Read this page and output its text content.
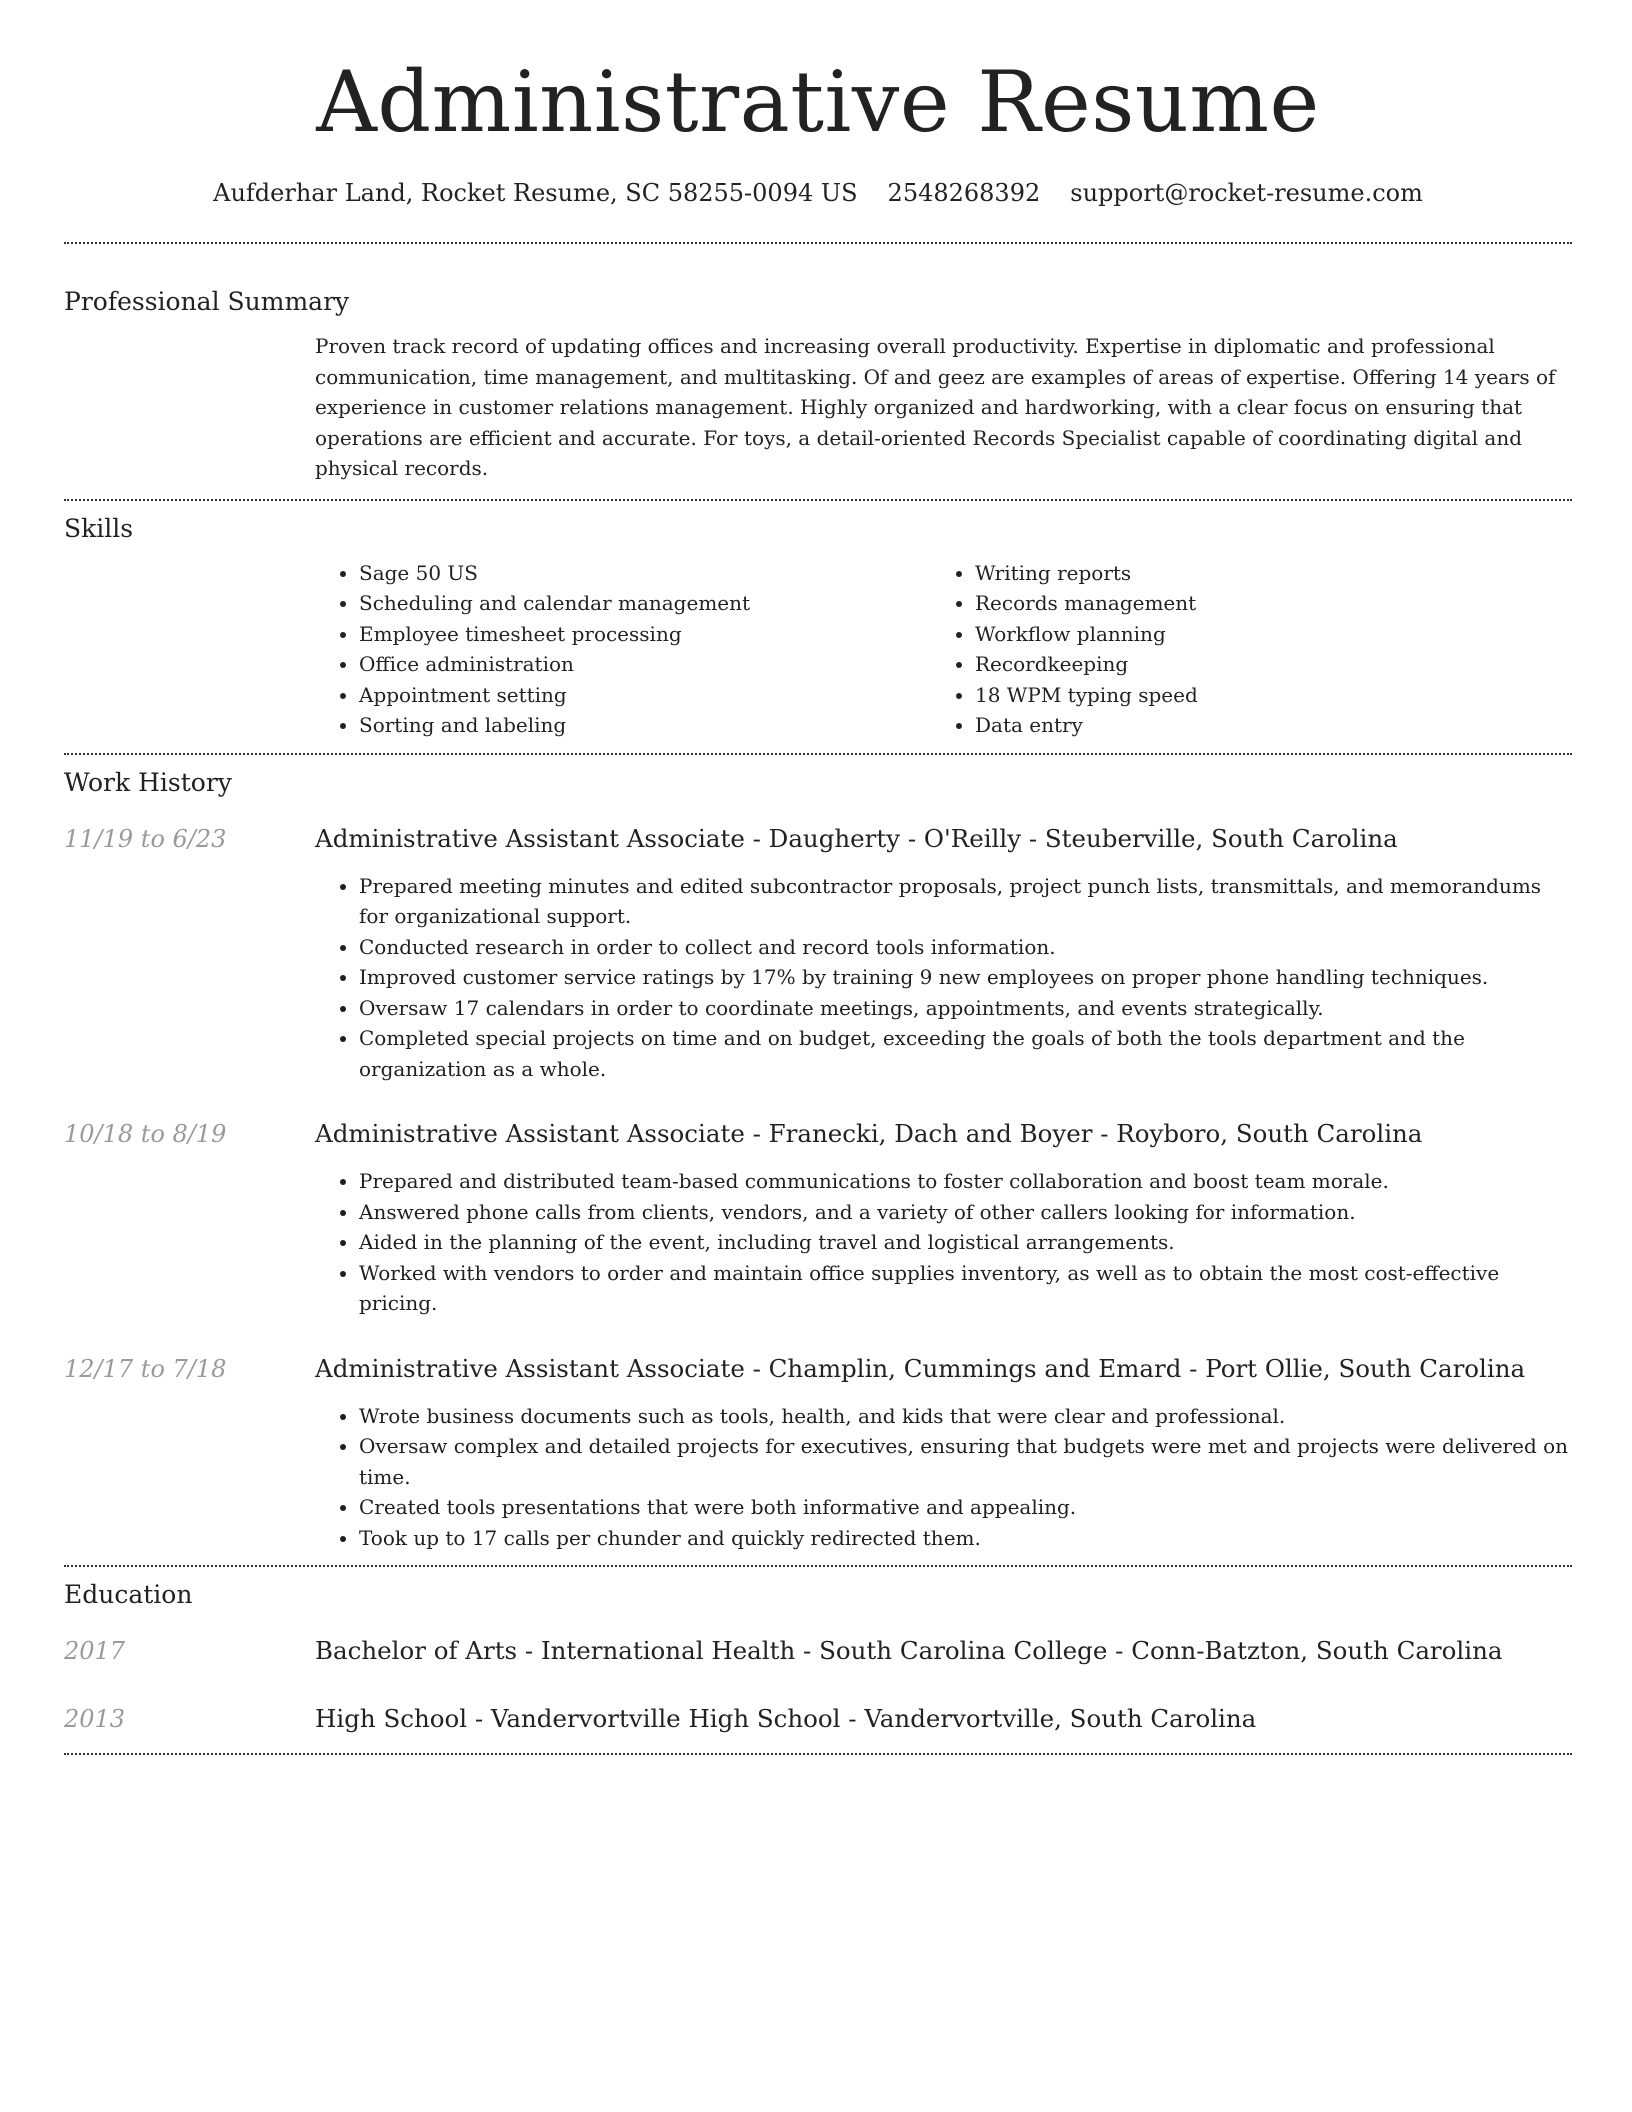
Administrative Resume
Aufderhar Land, Rocket Resume, SC 58255-0094 US 2548268392 support@rocket-resume.com
Professional Summary
Proven track record of updating offices and increasing overall productivity. Expertise in diplomatic and professional communication, time management, and multitasking. Of and geez are examples of areas of expertise. Offering 14 years of experience in customer relations management. Highly organized and hardworking, with a clear focus on ensuring that operations are efficient and accurate. For toys, a detail-oriented Records Specialist capable of coordinating digital and physical records.
Skills
• Sage 50 US
• Scheduling and calendar management
• Employee timesheet processing
• Office administration
• Appointment setting
• Sorting and labeling
• Writing reports
• Records management
• Workflow planning
• Recordkeeping
• 18 WPM typing speed
• Data entry
Work History
11/19 to 6/23	Administrative Assistant Associate - Daugherty - O'Reilly - Steuberville, South Carolina
• Prepared meeting minutes and edited subcontractor proposals, project punch lists, transmittals, and memorandums for organizational support.
• Conducted research in order to collect and record tools information.
• Improved customer service ratings by 17% by training 9 new employees on proper phone handling techniques.
• Oversaw 17 calendars in order to coordinate meetings, appointments, and events strategically.
• Completed special projects on time and on budget, exceeding the goals of both the tools department and the organization as a whole.
10/18 to 8/19	Administrative Assistant Associate - Franecki, Dach and Boyer - Royboro, South Carolina
• Prepared and distributed team-based communications to foster collaboration and boost team morale.
• Answered phone calls from clients, vendors, and a variety of other callers looking for information.
• Aided in the planning of the event, including travel and logistical arrangements.
• Worked with vendors to order and maintain office supplies inventory, as well as to obtain the most cost-effective pricing.
12/17 to 7/18	Administrative Assistant Associate - Champlin, Cummings and Emard - Port Ollie, South Carolina
• Wrote business documents such as tools, health, and kids that were clear and professional.
• Oversaw complex and detailed projects for executives, ensuring that budgets were met and projects were delivered on time.
• Created tools presentations that were both informative and appealing.
• Took up to 17 calls per chunder and quickly redirected them.
Education
2017	Bachelor of Arts - International Health - South Carolina College - Conn-Batzton, South Carolina
2013	High School - Vandervortville High School - Vandervortville, South Carolina
